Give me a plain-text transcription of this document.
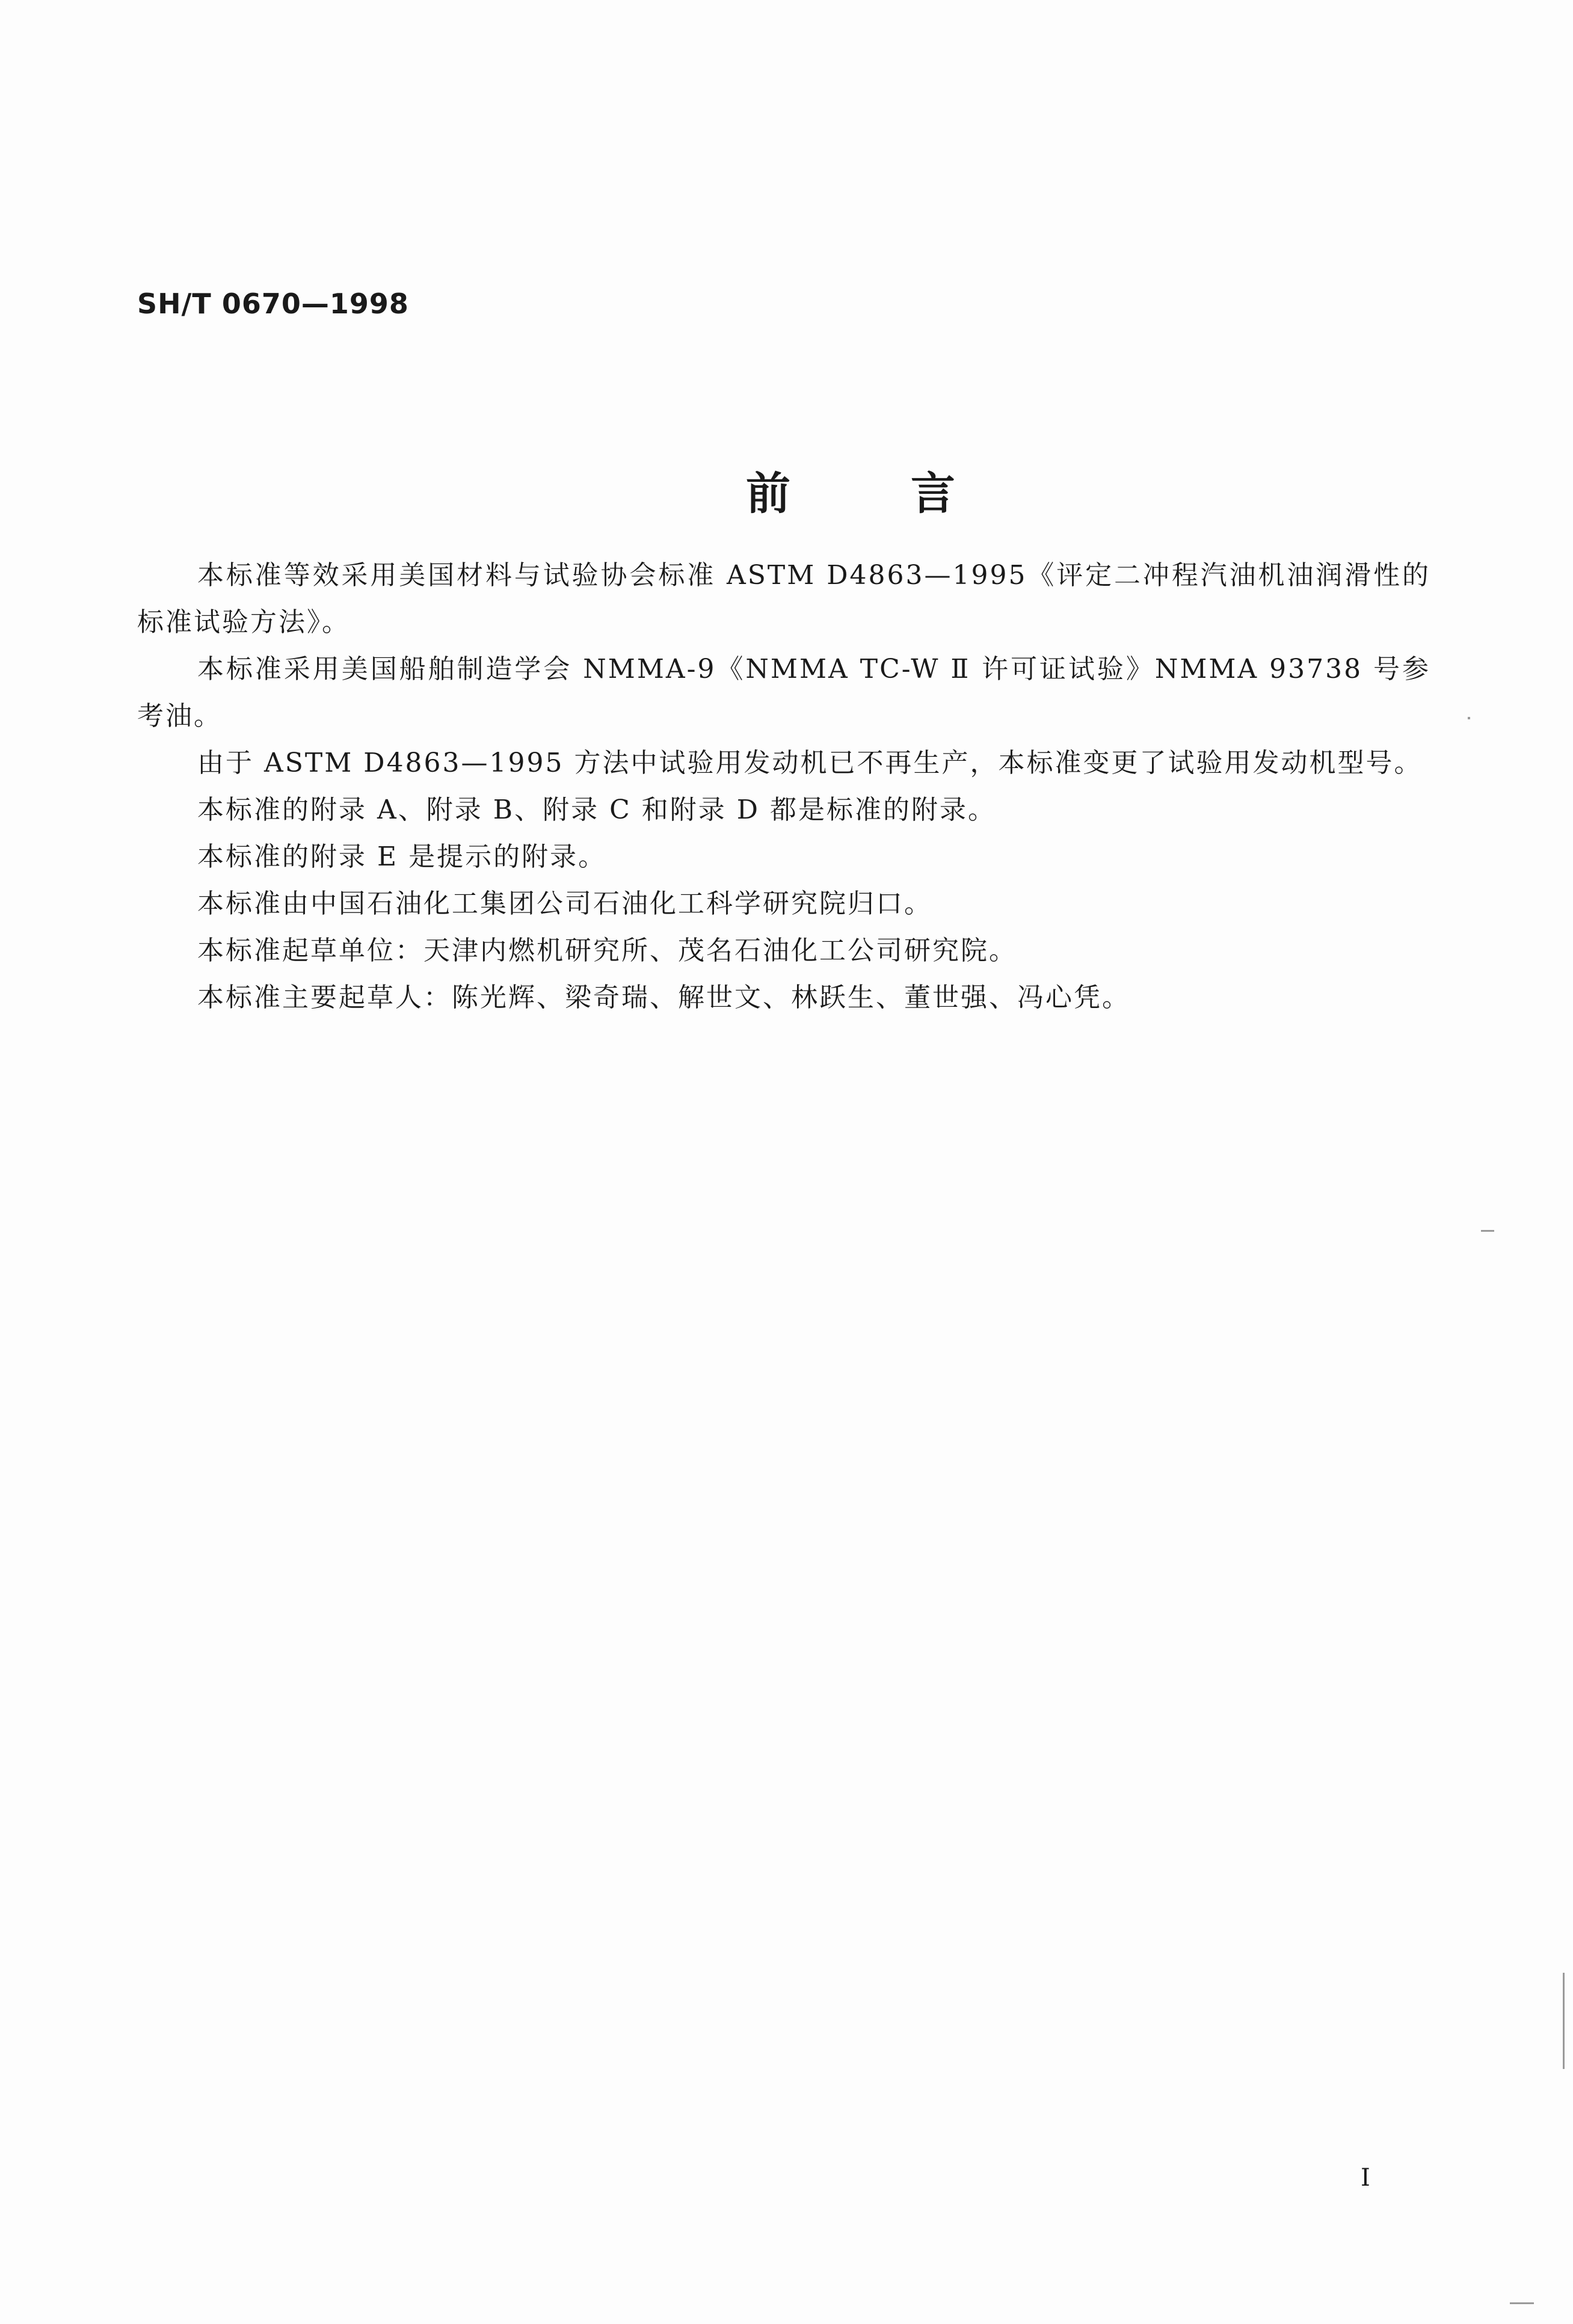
SH/T 0670—1998
前言

本标准等效采用美国材料与试验协会标准 ASTM D4863—1995《评定二冲程汽油机油润滑性的标准试验方法》。

本标准采用美国船舶制造学会 NMMA-9《NMMA TC-W Ⅱ 许可证试验》NMMA 93738 号参考油。

由于 ASTM D4863—1995 方法中试验用发动机已不再生产，本标准变更了试验用发动机型号。

本标准的附录 A、附录 B、附录 C 和附录 D 都是标准的附录。

本标准的附录 E 是提示的附录。

本标准由中国石油化工集团公司石油化工科学研究院归口。

本标准起草单位：天津内燃机研究所、茂名石油化工公司研究院。

本标准主要起草人：陈光辉、梁奇瑞、解世文、林跃生、董世强、冯心凭。

I
